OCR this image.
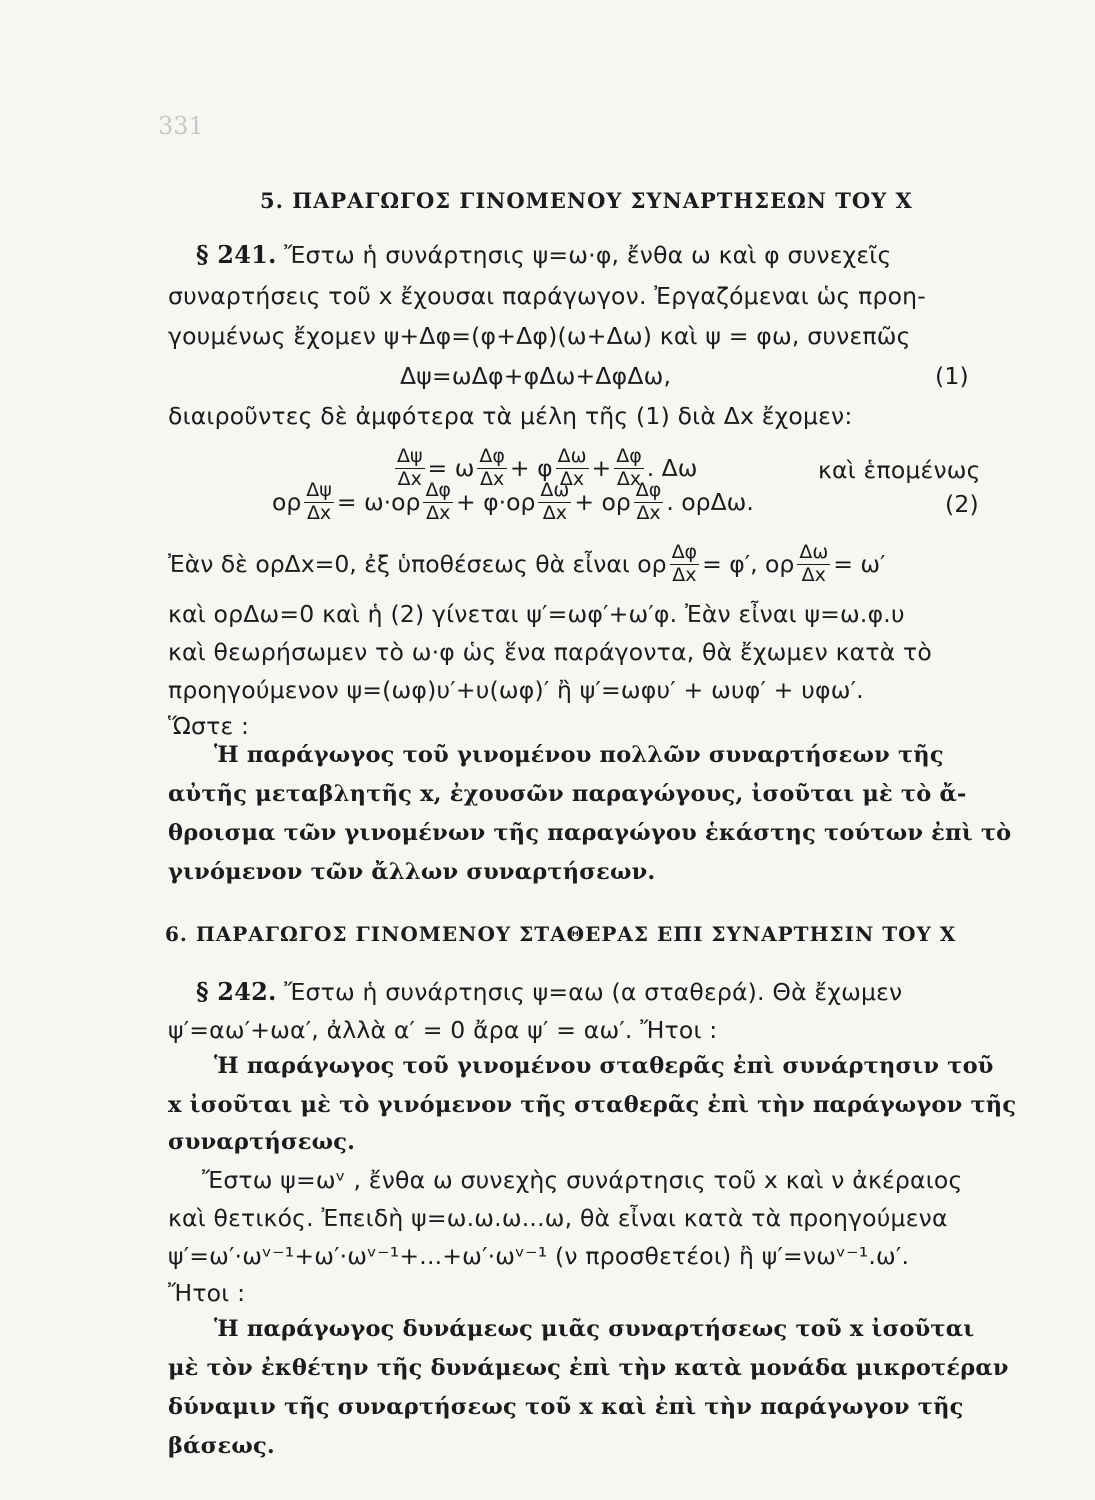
331
5. ΠΑΡΑΓΩΓΟΣ ΓΙΝΟΜΕΝΟΥ ΣΥΝΑΡΤΗΣΕΩΝ ΤΟΥ Χ
§ 241. Ἔστω ἡ συνάρτησις ψ=ω·φ, ἔνθα ω καὶ φ συνεχεῖς
συναρτήσεις τοῦ x ἔχουσαι παράγωγον. Ἐργαζόμεναι ὡς προη-
γουμένως ἔχομεν ψ+Δφ=(φ+Δφ)(ω+Δω) καὶ ψ = φω, συνεπῶς
Δψ=ωΔφ+φΔω+ΔφΔω,	(1)
διαιροῦντες δὲ ἀμφότερα τὰ μέλη τῆς (1) διὰ Δx ἔχομεν:
$\frac{\Delta\psi}{\Delta x} = \omega \frac{\Delta\varphi}{\Delta x} + \varphi \frac{\Delta\omega}{\Delta x} + \frac{\Delta\varphi}{\Delta x}$ . Δω	καὶ ἑπομένως
ορ $\frac{\Delta\psi}{\Delta x} = \omega\cdot o\rho \frac{\Delta\varphi}{\Delta x} + \varphi\cdot o\rho \frac{\Delta\omega}{\Delta x} + o\rho \frac{\Delta\varphi}{\Delta x}$ . ορΔω.	(2)
Ἐὰν δὲ ορΔx=0, ἐξ ὑποθέσεως θὰ εἶναι ορ $\frac{\Delta\varphi}{\Delta x} = \varphi'$, ορ $\frac{\Delta\omega}{\Delta x} = \omega'$
καὶ ορΔω=0 καὶ ἡ (2) γίνεται ψ′=ωφ′+ω′φ. Ἐὰν εἶναι ψ=ω.φ.υ
καὶ θεωρήσωμεν τὸ ω·φ ὡς ἕνα παράγοντα, θὰ ἔχωμεν κατὰ τὸ
προηγούμενον ψ=(ωφ)υ′+υ(ωφ)′ ἢ ψ′=ωφυ′ + ωυφ′ + υφω′.
Ὥστε :
Ἡ παράγωγος τοῦ γινομένου πολλῶν συναρτήσεων τῆς
αὐτῆς μεταβλητῆς x, ἐχουσῶν παραγώγους, ἰσοῦται μὲ τὸ ἄ-
θροισμα τῶν γινομένων τῆς παραγώγου ἑκάστης τούτων ἐπὶ τὸ
γινόμενον τῶν ἄλλων συναρτήσεων.
6. ΠΑΡΑΓΩΓΟΣ ΓΙΝΟΜΕΝΟΥ ΣΤΑΘΕΡΑΣ ΕΠΙ ΣΥΝΑΡΤΗΣΙΝ ΤΟΥ Χ
§ 242. Ἔστω ἡ συνάρτησις ψ=αω (α σταθερά). Θὰ ἔχωμεν
ψ′=αω′+ωα′, ἀλλὰ α′ = 0 ἄρα ψ′ = αω′. Ἤτοι :
Ἡ παράγωγος τοῦ γινομένου σταθερᾶς ἐπὶ συνάρτησιν τοῦ
x ἰσοῦται μὲ τὸ γινόμενον τῆς σταθερᾶς ἐπὶ τὴν παράγωγον τῆς
συναρτήσεως.
Ἔστω ψ=ωᵛ , ἔνθα ω συνεχὴς συνάρτησις τοῦ x καὶ ν ἀκέραιος
καὶ θετικός. Ἐπειδὴ ψ=ω.ω.ω...ω, θὰ εἶναι κατὰ τὰ προηγούμενα
ψ′=ω′·ωᵛ⁻¹+ω′·ωᵛ⁻¹+...+ω′·ωᵛ⁻¹ (ν προσθετέοι) ἢ ψ′=νωᵛ⁻¹.ω′.
Ἤτοι :
Ἡ παράγωγος δυνάμεως μιᾶς συναρτήσεως τοῦ x ἰσοῦται
μὲ τὸν ἐκθέτην τῆς δυνάμεως ἐπὶ τὴν κατὰ μονάδα μικροτέραν
δύναμιν τῆς συναρτήσεως τοῦ x καὶ ἐπὶ τὴν παράγωγον τῆς
βάσεως.
